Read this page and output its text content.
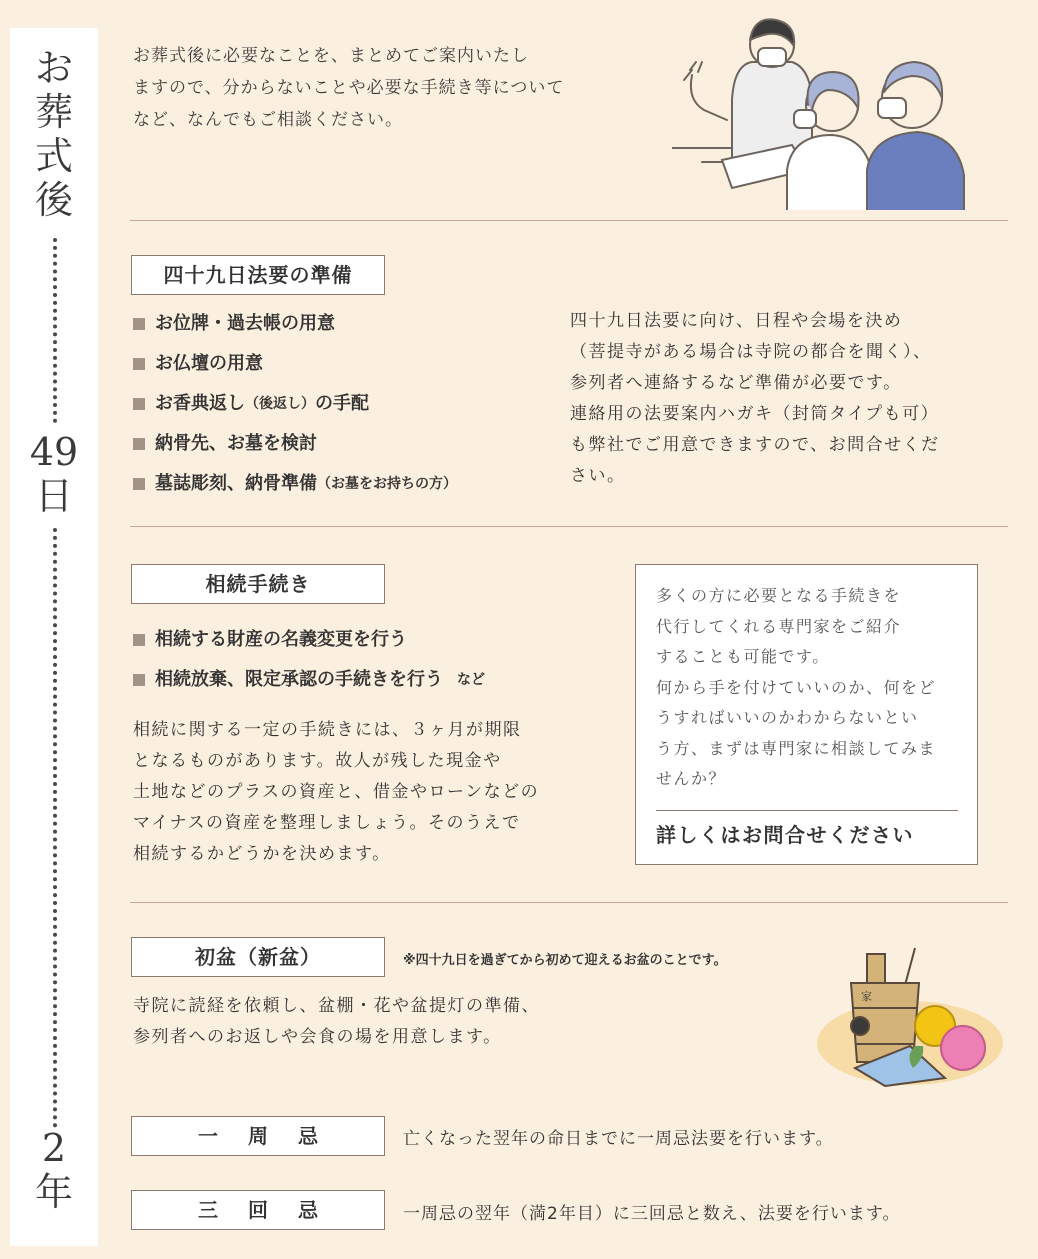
お
葬
式
後
49
日
2
年
お葬式後に必要なことを、まとめてご案内いたし
ますので、分からないことや必要な手続き等について
など、なんでもご相談ください。
四十九日法要の準備
お位牌・過去帳の用意
お仏壇の用意
お香典返し （後返し） の手配
納骨先、お墓を検討
墓誌彫刻、納骨準備 （お墓をお持ちの方）
四十九日法要に向け、日程や会場を決め
（菩提寺がある場合は寺院の都合を聞く）、
参列者へ連絡するなど準備が必要です。
連絡用の法要案内ハガキ（封筒タイプも可）
も弊社でご用意できますので、お問合せくだ
さい。
相続手続き
相続する財産の名義変更を行う
相続放棄、限定承認の手続きを行う など
相続に関する一定の手続きには、３ヶ月が期限
となるものがあります。故人が残した現金や
土地などのプラスの資産と、借金やローンなどの
マイナスの資産を整理しましょう。そのうえで
相続するかどうかを決めます。
多くの方に必要となる手続きを
代行してくれる専門家をご紹介
することも可能です。
何から手を付けていいのか、何をど
うすればいいのかわからないとい
う方、まずは専門家に相談してみま
せんか？
詳しくはお問合せください
初盆（新盆）	※四十九日を過ぎてから初めて迎えるお盆のことです。
寺院に読経を依頼し、盆棚・花や盆提灯の準備、
参列者へのお返しや会食の場を用意します。
家
一周忌	亡くなった翌年の命日までに一周忌法要を行います。
三回忌	一周忌の翌年（満2年目）に三回忌と数え、法要を行います。
